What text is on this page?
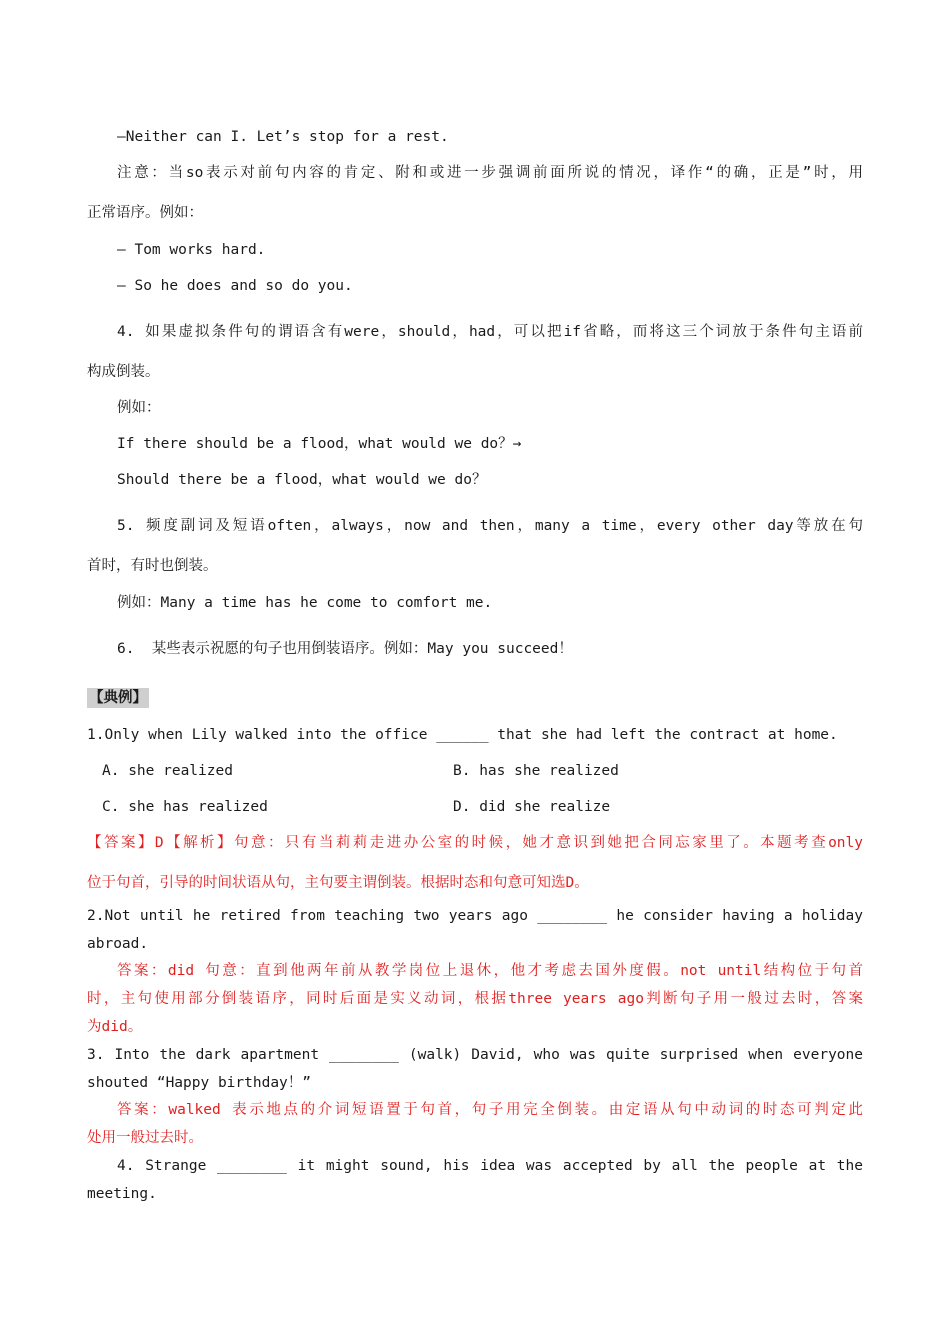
—Neither can I. Let’s stop for a rest.
注意：当so表示对前句内容的肯定、附和或进一步强调前面所说的情况，译作“的确，正是”时，用
正常语序。例如：
— Tom works hard.
— So he does and so do you.
4. 如果虚拟条件句的谓语含有were，should，had，可以把if省略，而将这三个词放于条件句主语前
构成倒装。
例如：
If there should be a flood，what would we do？→
Should there be a flood，what would we do？
5. 频度副词及短语often，always，now and then，many a time，every other day等放在句
首时，有时也倒装。
例如：Many a time has he come to comfort me.
6.  某些表示祝愿的句子也用倒装语序。例如：May you succeed！
【典例】
1.Only when Lily walked into the office ______ that she had left the contract at home.
A. she realized	B. has she realized
C. she has realized	D. did she realize
【答案】D【解析】句意：只有当莉莉走进办公室的时候，她才意识到她把合同忘家里了。本题考查only
位于句首，引导的时间状语从句，主句要主谓倒装。根据时态和句意可知选D。
2.Not until he retired from teaching two years ago ________ he consider having a holiday
abroad.
答案：did 句意：直到他两年前从教学岗位上退休，他才考虑去国外度假。not until结构位于句首
时，主句使用部分倒装语序，同时后面是实义动词，根据three years ago判断句子用一般过去时，答案
为did。
3. Into the dark apartment ________ (walk) David, who was quite surprised when everyone
shouted “Happy birthday！”
答案：walked 表示地点的介词短语置于句首，句子用完全倒装。由定语从句中动词的时态可判定此
处用一般过去时。
4. Strange ________ it might sound, his idea was accepted by all the people at the
meeting.
